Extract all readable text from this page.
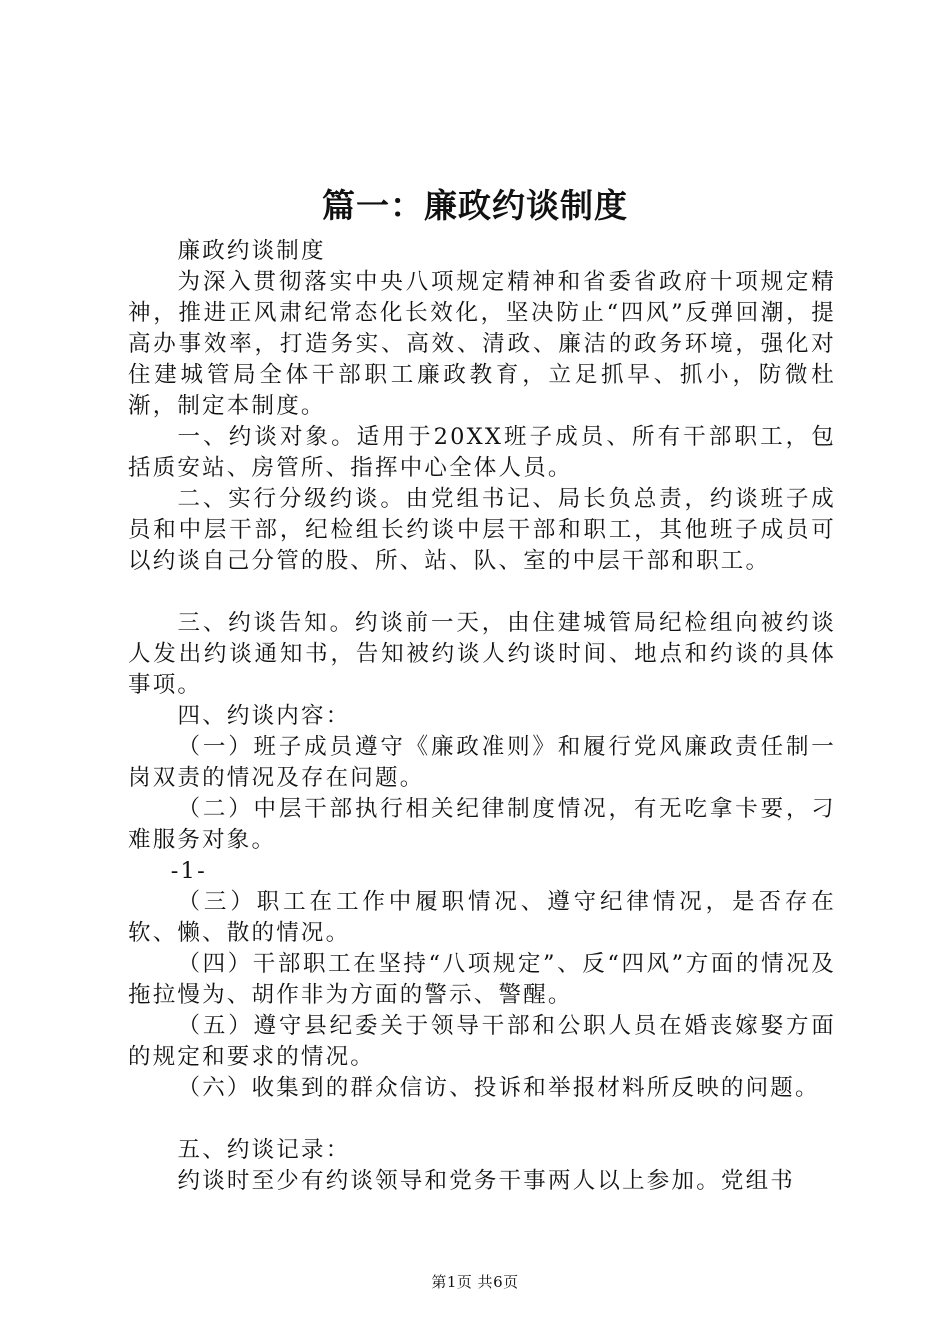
篇一：廉政约谈制度

廉政约谈制度

为深入贯彻落实中央八项规定精神和省委省政府十项规定精神，推进正风肃纪常态化长效化，坚决防止“四风”反弹回潮，提高办事效率，打造务实、高效、清政、廉洁的政务环境，强化对住建城管局全体干部职工廉政教育，立足抓早、抓小，防微杜渐，制定本制度。

一、约谈对象。适用于20XX班子成员、所有干部职工，包括质安站、房管所、指挥中心全体人员。

二、实行分级约谈。由党组书记、局长负总责，约谈班子成员和中层干部，纪检组长约谈中层干部和职工，其他班子成员可以约谈自己分管的股、所、站、队、室的中层干部和职工。

三、约谈告知。约谈前一天，由住建城管局纪检组向被约谈人发出约谈通知书，告知被约谈人约谈时间、地点和约谈的具体事项。

四、约谈内容：

（一）班子成员遵守《廉政准则》和履行党风廉政责任制一岗双责的情况及存在问题。

（二）中层干部执行相关纪律制度情况，有无吃拿卡要，刁难服务对象。

-1-

（三）职工在工作中履职情况、遵守纪律情况，是否存在软、懒、散的情况。

（四）干部职工在坚持“八项规定”、反“四风”方面的情况及拖拉慢为、胡作非为方面的警示、警醒。

（五）遵守县纪委关于领导干部和公职人员在婚丧嫁娶方面的规定和要求的情况。

（六）收集到的群众信访、投诉和举报材料所反映的问题。

五、约谈记录：

约谈时至少有约谈领导和党务干事两人以上参加。党组书

第1页 共6页
